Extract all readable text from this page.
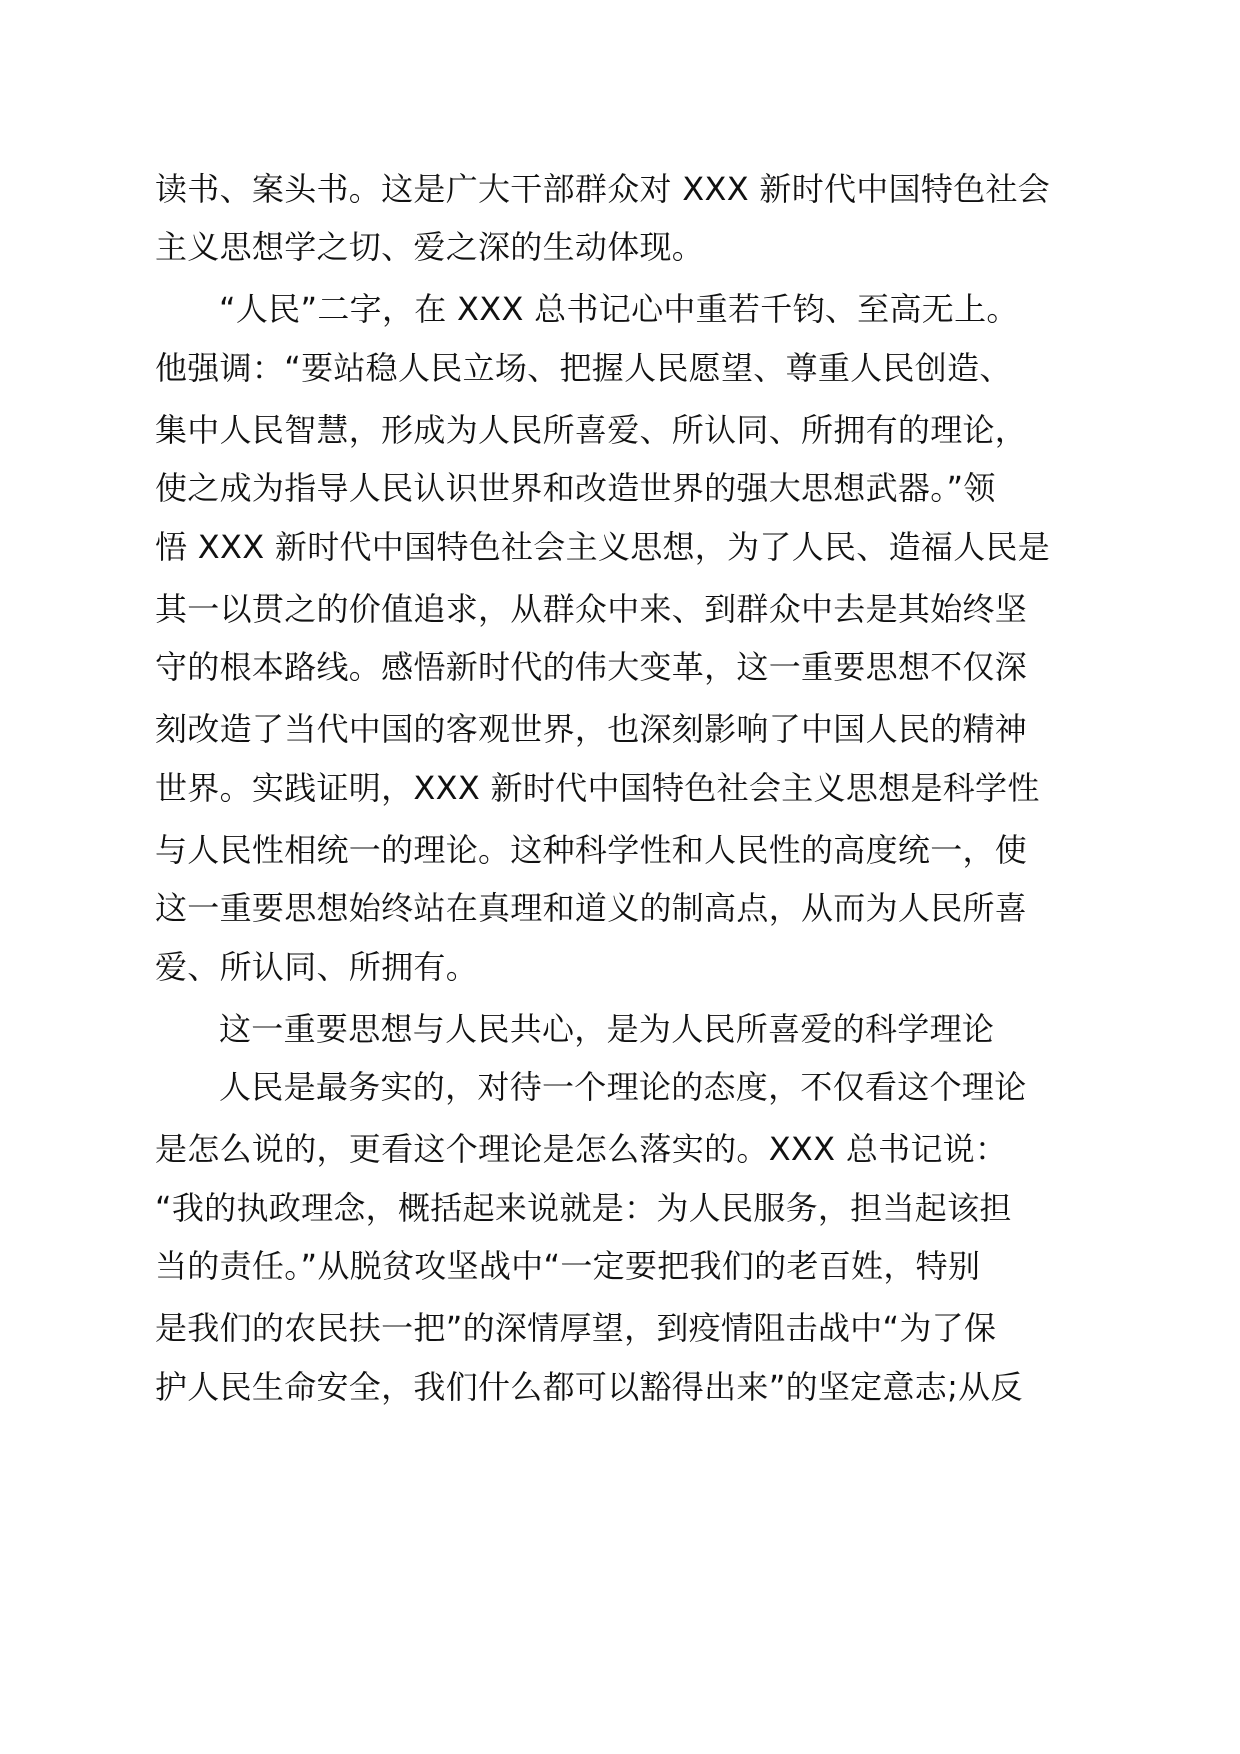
读书、案头书。这是广大干部群众对 XXX 新时代中国特色社会
主义思想学之切、爱之深的生动体现。
“人民”二字，在 XXX 总书记心中重若千钧、至高无上。
他强调：“要站稳人民立场、把握人民愿望、尊重人民创造、
集中人民智慧，形成为人民所喜爱、所认同、所拥有的理论，
使之成为指导人民认识世界和改造世界的强大思想武器。”领
悟 XXX 新时代中国特色社会主义思想，为了人民、造福人民是
其一以贯之的价值追求，从群众中来、到群众中去是其始终坚
守的根本路线。感悟新时代的伟大变革，这一重要思想不仅深
刻改造了当代中国的客观世界，也深刻影响了中国人民的精神
世界。实践证明，XXX 新时代中国特色社会主义思想是科学性
与人民性相统一的理论。这种科学性和人民性的高度统一，使
这一重要思想始终站在真理和道义的制高点，从而为人民所喜
爱、所认同、所拥有。
这一重要思想与人民共心，是为人民所喜爱的科学理论
人民是最务实的，对待一个理论的态度，不仅看这个理论
是怎么说的，更看这个理论是怎么落实的。XXX 总书记说：
“我的执政理念，概括起来说就是：为人民服务，担当起该担
当的责任。”从脱贫攻坚战中“一定要把我们的老百姓，特别
是我们的农民扶一把”的深情厚望，到疫情阻击战中“为了保
护人民生命安全，我们什么都可以豁得出来”的坚定意志;从反
